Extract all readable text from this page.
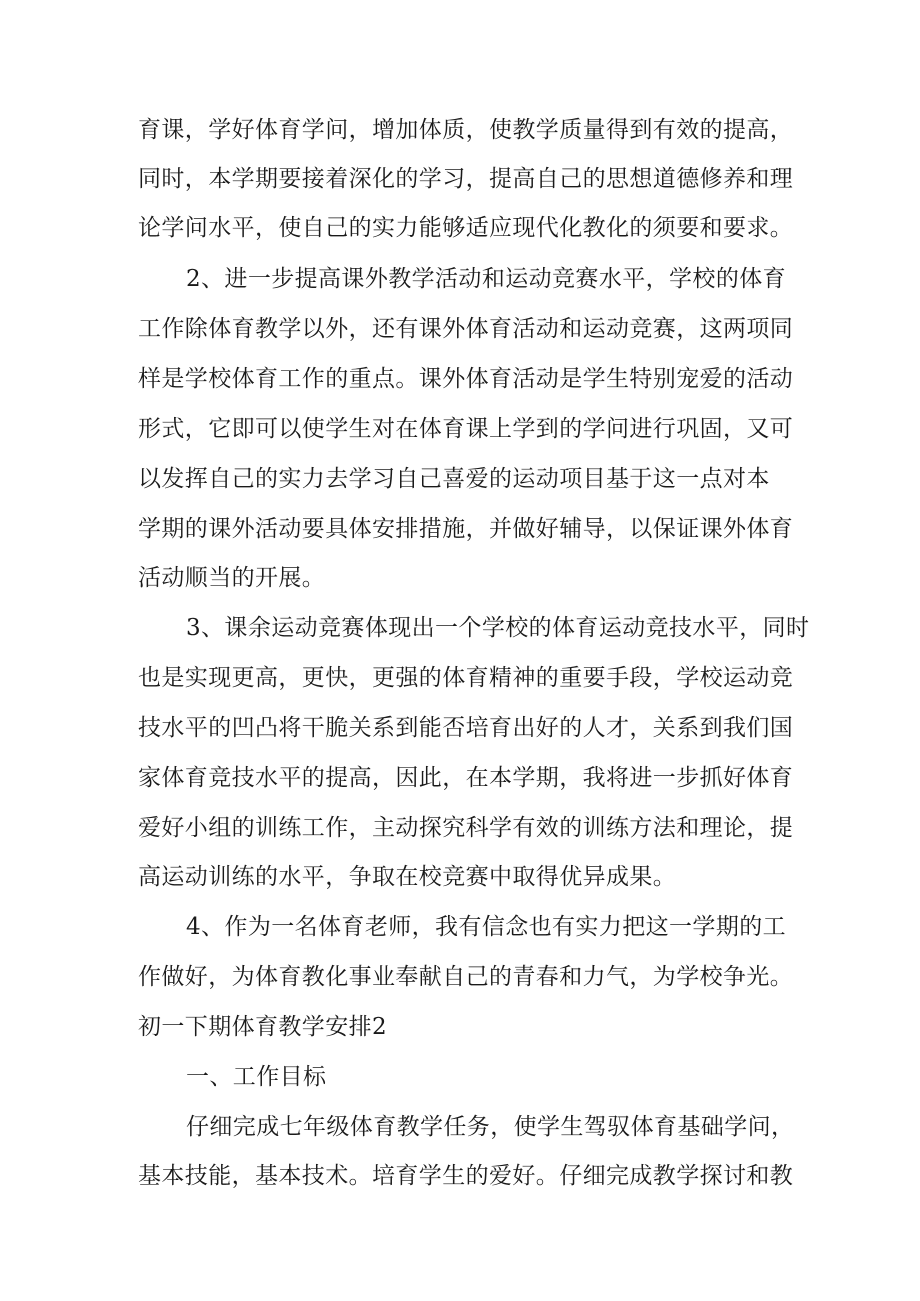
育课，学好体育学问，增加体质，使教学质量得到有效的提高，
同时，本学期要接着深化的学习，提高自己的思想道德修养和理
论学问水平，使自己的实力能够适应现代化教化的须要和要求。
2、进一步提高课外教学活动和运动竞赛水平，学校的体育
工作除体育教学以外，还有课外体育活动和运动竞赛，这两项同
样是学校体育工作的重点。课外体育活动是学生特别宠爱的活动
形式，它即可以使学生对在体育课上学到的学问进行巩固，又可
以发挥自己的实力去学习自己喜爱的运动项目基于这一点对本
学期的课外活动要具体安排措施，并做好辅导，以保证课外体育
活动顺当的开展。
3、课余运动竞赛体现出一个学校的体育运动竞技水平，同时
也是实现更高，更快，更强的体育精神的重要手段，学校运动竞
技水平的凹凸将干脆关系到能否培育出好的人才，关系到我们国
家体育竞技水平的提高，因此，在本学期，我将进一步抓好体育
爱好小组的训练工作，主动探究科学有效的训练方法和理论，提
高运动训练的水平，争取在校竞赛中取得优异成果。
4、作为一名体育老师，我有信念也有实力把这一学期的工
作做好，为体育教化事业奉献自己的青春和力气，为学校争光。
初一下期体育教学安排2
一、工作目标
仔细完成七年级体育教学任务，使学生驾驭体育基础学问，
基本技能，基本技术。培育学生的爱好。仔细完成教学探讨和教
